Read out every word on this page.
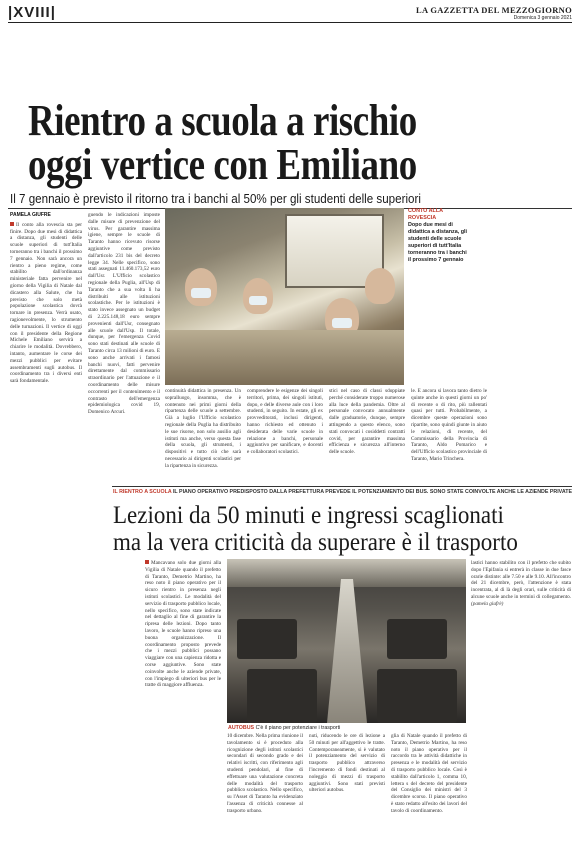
|XVIII|	LA GAZZETTA DEL MEZZOGIORNO
Domenica 3 gennaio 2021
Rientro a scuola a rischio
oggi vertice con Emiliano
Il 7 gennaio è previsto il ritorno tra i banchi al 50% per gli studenti delle superiori
PAMELA GIUFRÈ

Il conto alla rovescia sta per finire. Dopo due mesi di didattica a distanza, gli studenti delle scuole superiori di tutt'Italia torneranno tra i banchi il prossimo 7 gennaio. Non sarà ancora un rientro a pieno regime, come stabilito dall'ordinanza ministeriale fatta pervenire nel giorno della Vigilia di Natale dal dicastero alla Salute, che ha previsto che solo metà popolazione scolastica dovrà tornare in presenza. Verrà usato, ragionevolmente, lo strumento delle turnazioni. Il vertice di oggi con il presidente della Regione Michele Emiliano servirà a chiarire le modalità. Dovrebbero, intanto, aumentare le corse dei mezzi pubblici per evitare assembramenti sugli autobus. Il coordinamento tra i diversi enti sarà fondamentale.

guendo le indicazioni imposte dalle misure di prevenzione del virus. Per garantire massima igiene, sempre le scuole di Taranto hanno ricevuto risorse aggiuntive come previsto dall'articolo 231 bis del decreto legge 34. Nelle specifico, sono stati assegnati 11.460.173,52 euro dall'Usr. L'Ufficio scolastico regionale della Puglia, all'Usp di Taranto che a sua volta li ha distribuiti alle istituzioni scolastiche. Per le istituzioni è stato invece assegnato un budget di 2.225.148,18 euro sempre provenienti dall'Usr, consegnato alle scuole dall'Usp. Il totale, dunque, per l'emergenza Covid sono stati destinati alle scuole di Taranto circa 13 milioni di euro. E sono anche arrivati i famosi banchi nuovi, fatti pervenire direttamente dal commissario straordinario per l'attuazione e il coordinamento delle misure occorrenti per il contenimento e il contrasto dell'emergenza epidemiologica covid 19, Domenico Arcuri.

CONTO ALLA ROVESCIA
Dopo due mesi di didattica a distanza, gli studenti delle scuole superiori di tutt'Italia torneranno tra i banchi il prossimo 7 gennaio

continuità didattica in presenza. Un sopralluogo, insomma, che è contenuto nei primi giorni della ripartenza delle scuole a settembre. Già a luglio l'Ufficio scolastico regionale della Puglia ha distribuito le sue risorse, non solo ausilio agli istituti ma anche, verso questa fase della scuola, gli strumenti, i dispositivi e tutto ciò che sarà necessario ai dirigenti scolastici per la ripartenza in sicurezza.

comprendere le esigenze dei singoli territori, prima, dei singoli istituti, dopo, e delle diverse aule con i loro studenti, in seguito. In estate, gli ex provveditorati, inclusi dirigenti, hanno richiesto ed ottenuto i desiderata delle varie scuole in relazione a banchi, personale aggiuntivo per sanificare, e docenti e collaboratori scolastici.

stici nel caso di classi sdoppiate perché considerate troppo numerose alla luce della pandemia. Oltre al personale convocato annualmente dalle graduatorie, dunque, sempre attingendo a questo elenco, sono stati convocati i cosiddetti contratti covid, per garantire massima efficienza e sicurezza all'interno delle scuole.

le. E ancora si lavora tanto dietro le quinte anche in questi giorni un po' di recente o di rito, più rallentati quasi per tutti. Probabilmente, a dicembre queste operazioni sono ripartite, sono quindi giunte in aiuto le relazioni, di recente, del Commissario della Provincia di Taranto, Aldo Pomarico e dell'Ufficio scolastico provinciale di Taranto, Mario Trinchera.

IL RIENTRO A SCUOLA IL PIANO OPERATIVO PREDISPOSTO DALLA PREFETTURA PREVEDE IL POTENZIAMENTO DEI BUS. SONO STATE COINVOLTE ANCHE LE AZIENDE PRIVATE
Lezioni da 50 minuti e ingressi scaglionati
ma la vera criticità da superare è il trasporto

Mancavano solo due giorni alla Vigilia di Natale quando il prefetto di Taranto, Demetrio Martino, ha reso noto il piano operativo per il sicuro rientro in presenza negli istituti scolastici. Le modalità del servizio di trasporto pubblico locale, nello specifico, sono state indicate nel dettaglio al fine di garantire la ripresa delle lezioni. Dopo tanto lavoro, le scuole hanno ripreso una buona organizzazione. Il coordinamento proposto prevede che i mezzi pubblici possano viaggiare con una capienza ridotta e corse aggiuntive. Sono state coinvolte anche le aziende private, con l'impiego di ulteriori bus per le tratte di maggiore affluenza.

AUTOBUS C'è il piano per potenziare i trasporti

10 dicembre. Nella prima riunione il tavolamento si è proceduto alla ricognizione degli istituti scolastici secondari di secondo grado e dei relativi iscritti, con riferimento agli studenti pendolari, al fine di effettuare una valutazione concreta delle modalità del trasporto pubblico scolastico. Nello specifico, su l'Asset di Taranto ha evidenziato l'assenza di criticità connesse al trasporto urbano.

nuti, riducendo le ore di lezione a 50 minuti per all'aggettivo le tratte. Contemporaneamente, si è valutato il potenziamento del servizio di trasporto pubblico attraverso l'incremento di fondi destinati al noleggio di mezzi di trasporto aggiuntivi. Sono stati previsti ulteriori autobus.

lastici hanno stabilito con il prefetto che subito dopo l'Epifania si entrerà in classe in due fasce orarie distinte: alle 7.50 e alle 9.10. All'incontro del 21 dicembre, però, l'attenzione è stata incentrata, al di là degli orari, sulle criticità di alcune scuole anche in termini di collegamento. (pamela giufrè)

glia di Natale quando il prefetto di Taranto, Demetrio Martino, ha reso noto il piano operativo per il raccordo tra le attività didattiche in presenza e le modalità del servizio di trasporto pubblico locale. Così è stabilito dall'articolo 1, comma 10, lettera s del decreto del presidente del Consiglio dei ministri del 3 dicembre scorso. Il piano operativo è stato redatto all'esito dei lavori del tavolo di coordinamento.
